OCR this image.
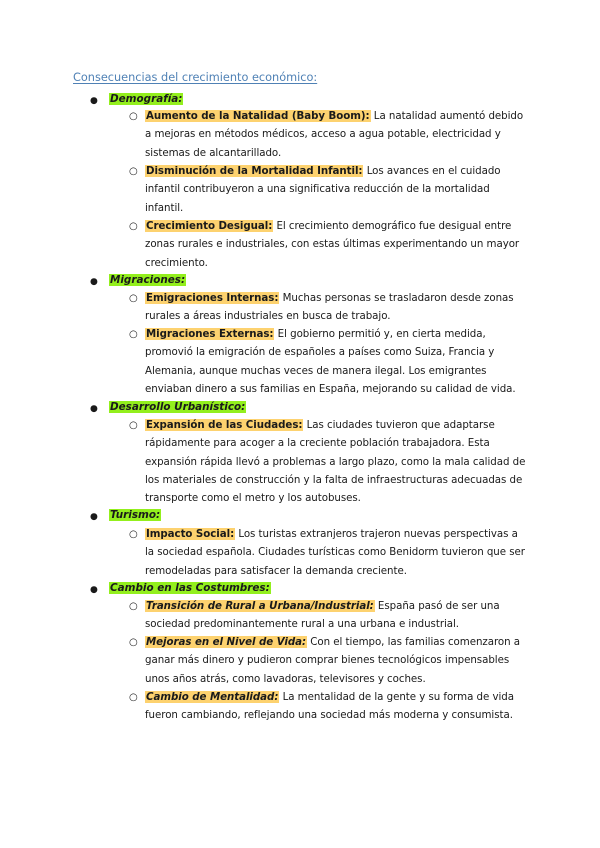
Consecuencias del crecimiento económico:
● Demografía:
○ Aumento de la Natalidad (Baby Boom): La natalidad aumentó debido a mejoras en métodos médicos, acceso a agua potable, electricidad y sistemas de alcantarillado.
○ Disminución de la Mortalidad Infantil: Los avances en el cuidado infantil contribuyeron a una significativa reducción de la mortalidad infantil.
○ Crecimiento Desigual: El crecimiento demográfico fue desigual entre zonas rurales e industriales, con estas últimas experimentando un mayor crecimiento.
● Migraciones:
○ Emigraciones Internas: Muchas personas se trasladaron desde zonas rurales a áreas industriales en busca de trabajo.
○ Migraciones Externas: El gobierno permitió y, en cierta medida, promovió la emigración de españoles a países como Suiza, Francia y Alemania, aunque muchas veces de manera ilegal. Los emigrantes enviaban dinero a sus familias en España, mejorando su calidad de vida.
● Desarrollo Urbanístico:
○ Expansión de las Ciudades: Las ciudades tuvieron que adaptarse rápidamente para acoger a la creciente población trabajadora. Esta expansión rápida llevó a problemas a largo plazo, como la mala calidad de los materiales de construcción y la falta de infraestructuras adecuadas de transporte como el metro y los autobuses.
● Turismo:
○ Impacto Social: Los turistas extranjeros trajeron nuevas perspectivas a la sociedad española. Ciudades turísticas como Benidorm tuvieron que ser remodeladas para satisfacer la demanda creciente.
● Cambio en las Costumbres:
○ Transición de Rural a Urbana/Industrial: España pasó de ser una sociedad predominantemente rural a una urbana e industrial.
○ Mejoras en el Nivel de Vida: Con el tiempo, las familias comenzaron a ganar más dinero y pudieron comprar bienes tecnológicos impensables unos años atrás, como lavadoras, televisores y coches.
○ Cambio de Mentalidad: La mentalidad de la gente y su forma de vida fueron cambiando, reflejando una sociedad más moderna y consumista.
